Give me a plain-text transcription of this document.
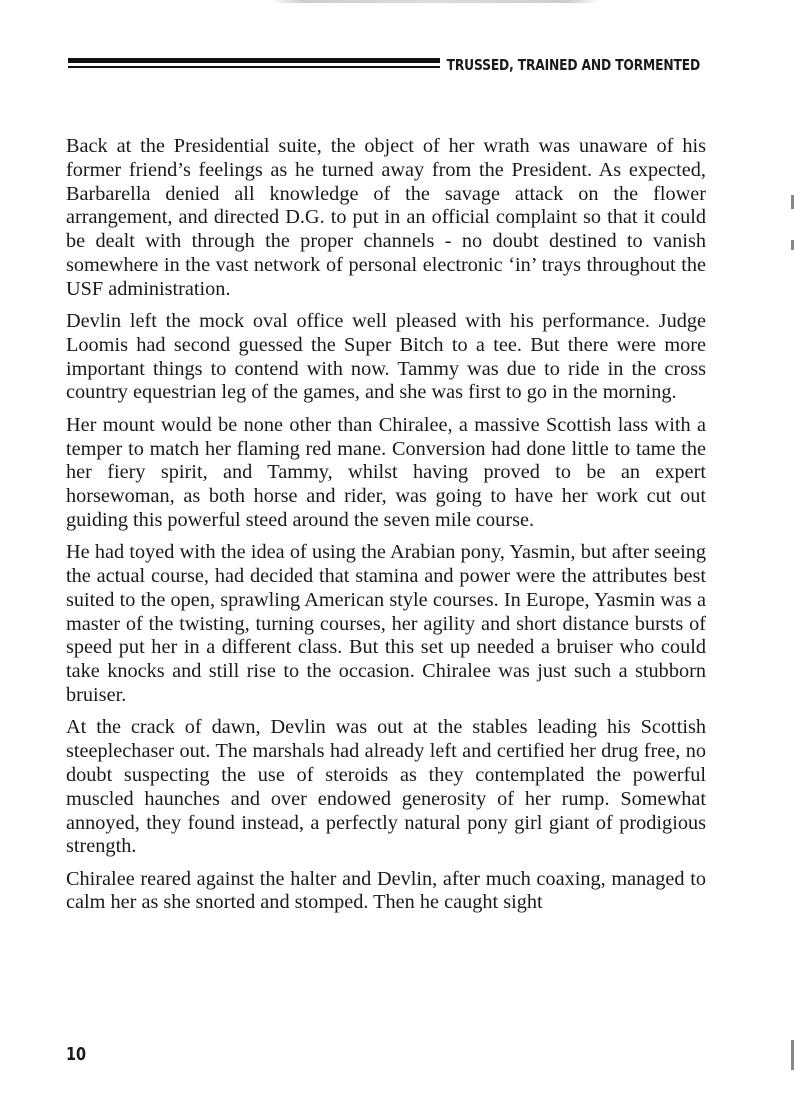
TRUSSED, TRAINED AND TORMENTED

Back at the Presidential suite, the object of her wrath was unaware of his former friend’s feelings as he turned away from the President. As expected, Barbarella denied all knowledge of the savage attack on the flower arrangement, and directed D.G. to put in an official complaint so that it could be dealt with through the proper channels - no doubt destined to vanish somewhere in the vast network of personal electronic ‘in’ trays throughout the USF administration.

Devlin left the mock oval office well pleased with his performance. Judge Loomis had second guessed the Super Bitch to a tee. But there were more important things to contend with now. Tammy was due to ride in the cross country equestrian leg of the games, and she was first to go in the morning.

Her mount would be none other than Chiralee, a massive Scottish lass with a temper to match her flaming red mane. Conversion had done little to tame the her fiery spirit, and Tammy, whilst having proved to be an expert horsewoman, as both horse and rider, was going to have her work cut out guiding this powerful steed around the seven mile course.

He had toyed with the idea of using the Arabian pony, Yasmin, but after seeing the actual course, had decided that stamina and power were the attributes best suited to the open, sprawling American style courses. In Europe, Yasmin was a master of the twisting, turning courses, her agility and short distance bursts of speed put her in a different class. But this set up needed a bruiser who could take knocks and still rise to the occasion. Chiralee was just such a stubborn bruiser.

At the crack of dawn, Devlin was out at the stables leading his Scottish steeplechaser out. The marshals had already left and certified her drug free, no doubt suspecting the use of steroids as they contemplated the powerful muscled haunches and over endowed generosity of her rump. Somewhat annoyed, they found instead, a perfectly natural pony girl giant of prodigious strength.

Chiralee reared against the halter and Devlin, after much coaxing, managed to calm her as she snorted and stomped. Then he caught sight

10
